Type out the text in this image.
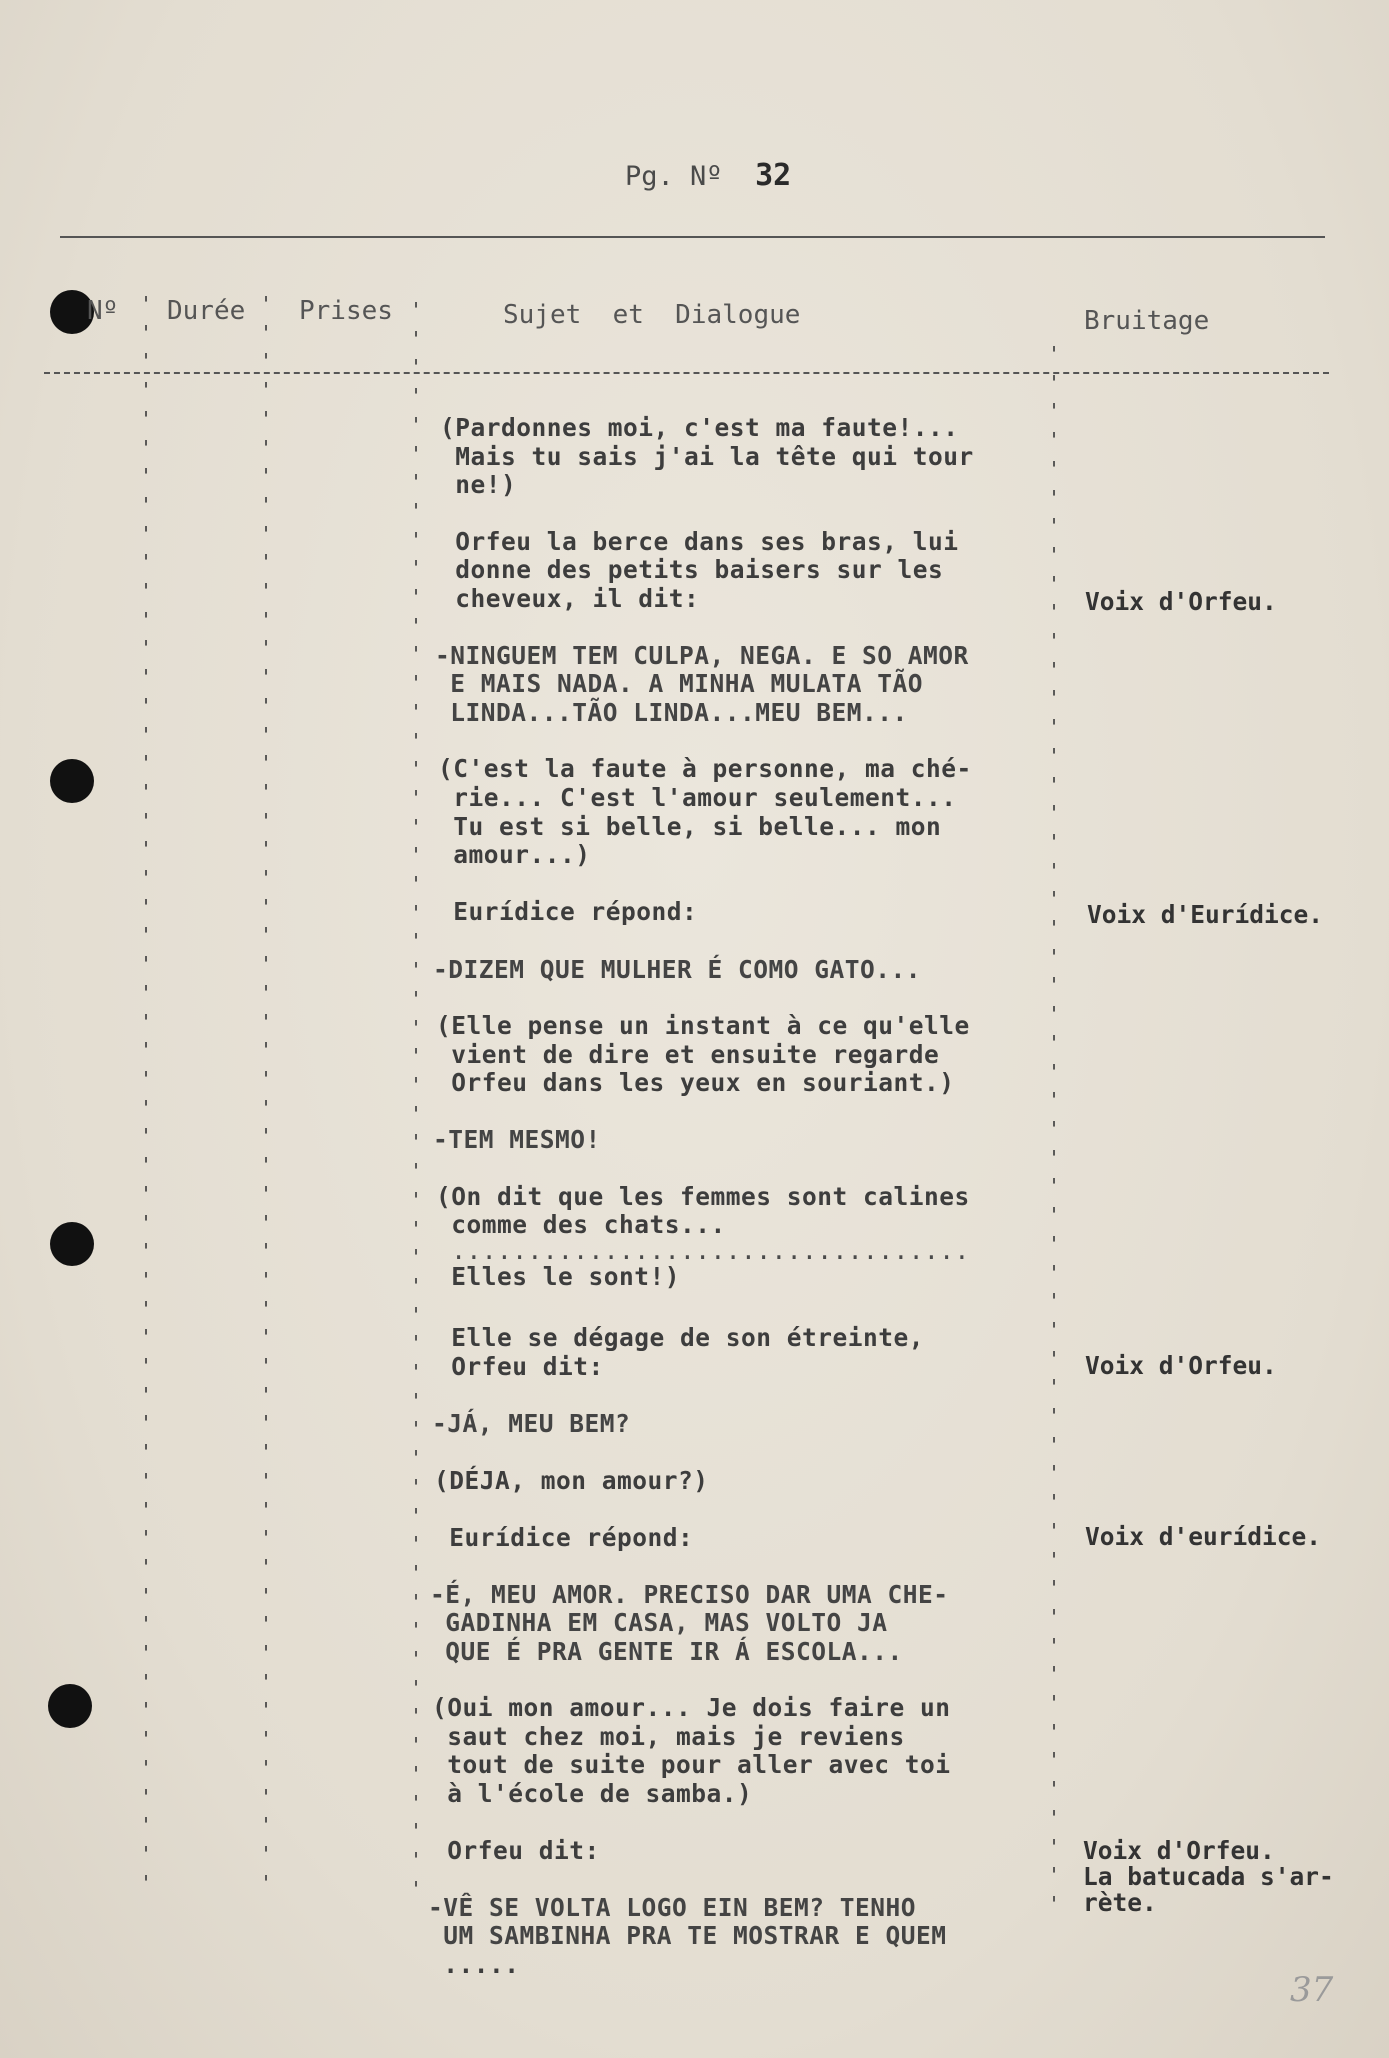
Pg. Nº 32
Nº Durée Prises	Sujet  et  Dialogue	Bruitage
'
'
'
'
'
'
'
'
'
'
'
'
'
'
'
'
'
'
'
'
'
'
'
'
'
'
'
'
'
'
'
'
'
'
'
'
'
'
'
'
'
'
'
'
'
'
'
'
'
'
'
'
'
'
'
'
'
'
'
'
'
'
'
'
'
'
'
'
'
'
'
'
'
'
'
'
'
'
'
'
'
'
'
'
'
'
'
'
'
'
'
'
'
'
'
'
'
'
'
'
'
'
'
'
'
'
'
'
'
'
'
'
'
'
'
'
'
'
'
'
'
'
'
'
'
'
'
'
'
'
'
'
'
'
'
'
'
'
'
'
'
'
'
'
'
'
'
'
'
'
'
'
'
'
'
'
'
'
'
'
'
'
'
'
'
'
'
'
'
'
'
'
'
'
'
'
'
'
'
'
'
'
'
'
'
'
'
'
'
'
'
'
'
'
'
'
'
'
'
'
'
'
'
'
'
'
'
'
'
'
'
'
'
'
'
'
'
'
'
'
'
'
'
(Pardonnes moi, c'est ma faute!...
Mais tu sais j'ai la tête qui tour
ne!)
Orfeu la berce dans ses bras, lui
donne des petits baisers sur les
cheveux, il dit:
-NINGUEM TEM CULPA, NEGA. E SO AMOR
E MAIS NADA. A MINHA MULATA TÃO
LINDA...TÃO LINDA...MEU BEM...
(C'est la faute à personne, ma ché-
rie... C'est l'amour seulement...
Tu est si belle, si belle... mon
amour...)
Eurídice répond:
-DIZEM QUE MULHER É COMO GATO...
(Elle pense un instant à ce qu'elle
vient de dire et ensuite regarde
Orfeu dans les yeux en souriant.)
-TEM MESMO!
(On dit que les femmes sont calines
comme des chats...
..................................
Elles le sont!)
Elle se dégage de son étreinte,
Orfeu dit:
-JÁ, MEU BEM?
(DÉJA, mon amour?)
Eurídice répond:
-É, MEU AMOR. PRECISO DAR UMA CHE-
GADINHA EM CASA, MAS VOLTO JA
QUE É PRA GENTE IR Á ESCOLA...
(Oui mon amour... Je dois faire un
saut chez moi, mais je reviens
tout de suite pour aller avec toi
à l'école de samba.)
Orfeu dit:
-VÊ SE VOLTA LOGO EIN BEM? TENHO
UM SAMBINHA PRA TE MOSTRAR E QUEM
.....
Voix d'Orfeu.
Voix d'Eurídice.
Voix d'Orfeu.
Voix d'eurídice.
Voix d'Orfeu.
La batucada s'ar-
rète.
37
